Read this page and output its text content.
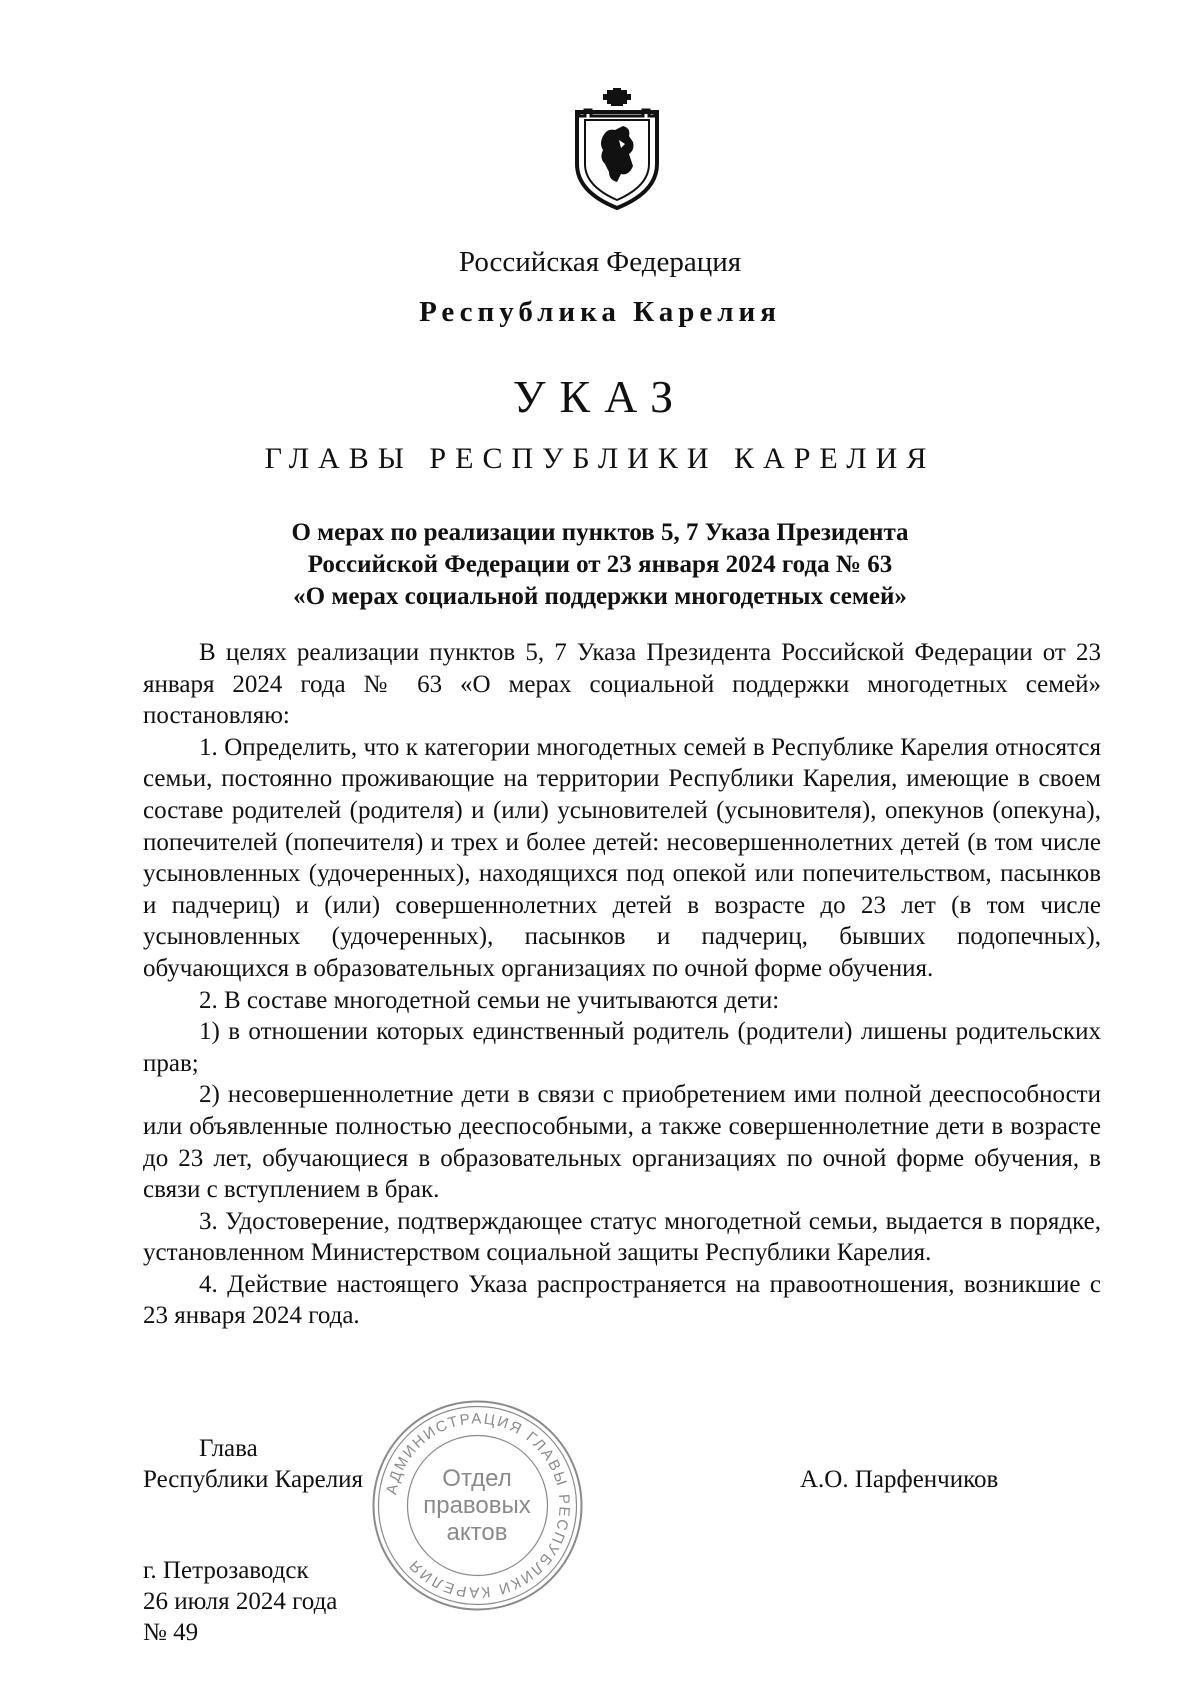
Российская Федерация
Республика Карелия
УКАЗ
ГЛАВЫ РЕСПУБЛИКИ КАРЕЛИЯ
О мерах по реализации пунктов 5, 7 Указа Президента
Российской Федерации от 23 января 2024 года № 63
«О мерах социальной поддержки многодетных семей»

В целях реализации пунктов 5, 7 Указа Президента Российской Федерации от 23 января 2024 года № 63 «О мерах социальной поддержки многодетных семей» постановляю:

1. Определить, что к категории многодетных семей в Республике Карелия относятся семьи, постоянно проживающие на территории Республики Карелия, имеющие в своем составе родителей (родителя) и (или) усыновителей (усыновителя), опекунов (опекуна), попечителей (попечителя) и трех и более детей: несовершеннолетних детей (в том числе усыновленных (удочеренных), находящихся под опекой или попечительством, пасынков и падчериц) и (или) совершеннолетних детей в возрасте до 23 лет (в том числе усыновленных (удочеренных), пасынков и падчериц, бывших подопечных), обучающихся в образовательных организациях по очной форме обучения.

2. В составе многодетной семьи не учитываются дети:

1) в отношении которых единственный родитель (родители) лишены родительских прав;

2) несовершеннолетние дети в связи с приобретением ими полной дееспособности или объявленные полностью дееспособными, а также совершеннолетние дети в возрасте до 23 лет, обучающиеся в образовательных организациях по очной форме обучения, в связи с вступлением в брак.

3. Удостоверение, подтверждающее статус многодетной семьи, выдается в порядке, установленном Министерством социальной защиты Республики Карелия.

4. Действие настоящего Указа распространяется на правоотношения, возникшие с 23 января 2024 года.

АДМИНИСТРАЦИЯ ГЛАВЫ РЕСПУБЛИКИ КАРЕЛИЯ
Отдел
правовых
актов
Глава
Республики Карелия	А.О. Парфенчиков
г. Петрозаводск
26 июля 2024 года
№ 49
